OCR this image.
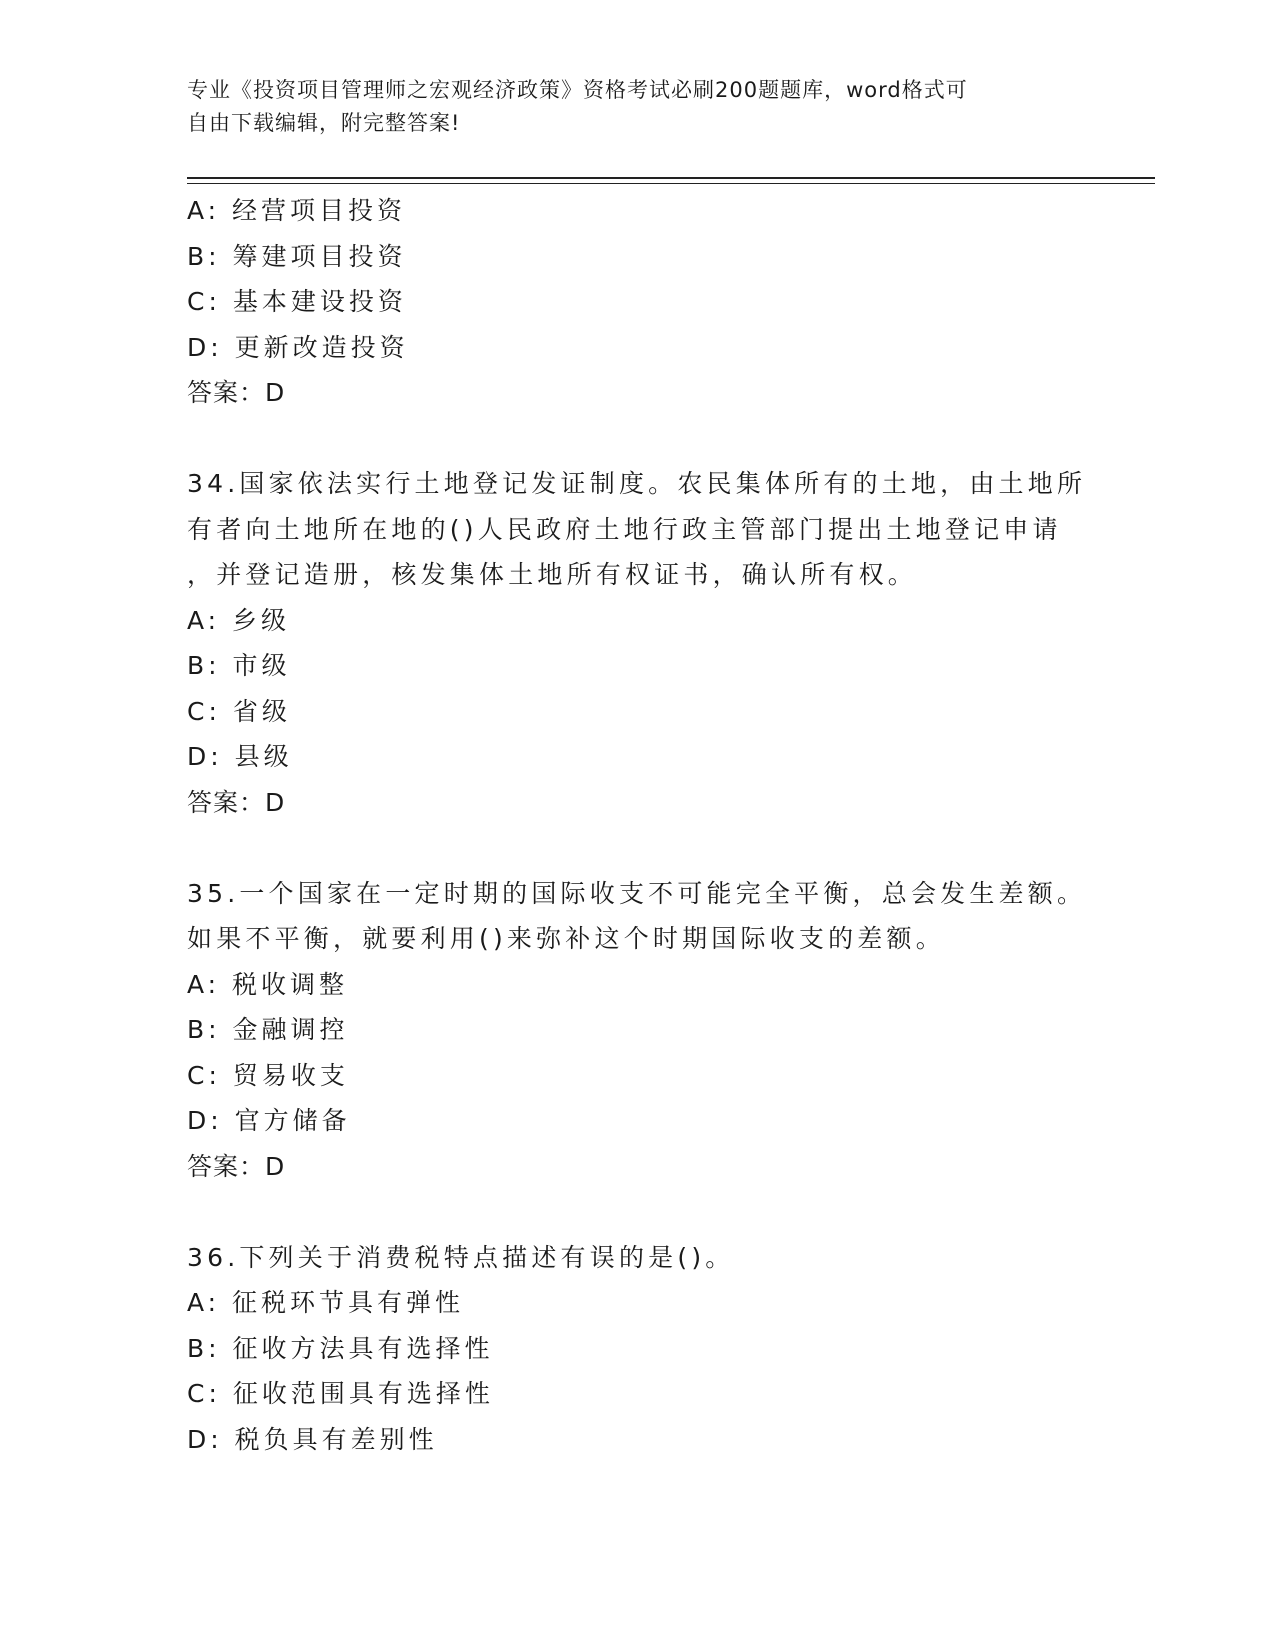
专业《投资项目管理师之宏观经济政策》资格考试必刷200题题库，word格式可
自由下载编辑，附完整答案!
A: 经营项目投资
B: 筹建项目投资
C: 基本建设投资
D: 更新改造投资
答案：D
34.国家依法实行土地登记发证制度。农民集体所有的土地，由土地所
有者向土地所在地的()人民政府土地行政主管部门提出土地登记申请
，并登记造册，核发集体土地所有权证书，确认所有权。
A: 乡级
B: 市级
C: 省级
D: 县级
答案：D
35.一个国家在一定时期的国际收支不可能完全平衡，总会发生差额。
如果不平衡，就要利用()来弥补这个时期国际收支的差额。
A: 税收调整
B: 金融调控
C: 贸易收支
D: 官方储备
答案：D
36.下列关于消费税特点描述有误的是()。
A: 征税环节具有弹性
B: 征收方法具有选择性
C: 征收范围具有选择性
D: 税负具有差别性
